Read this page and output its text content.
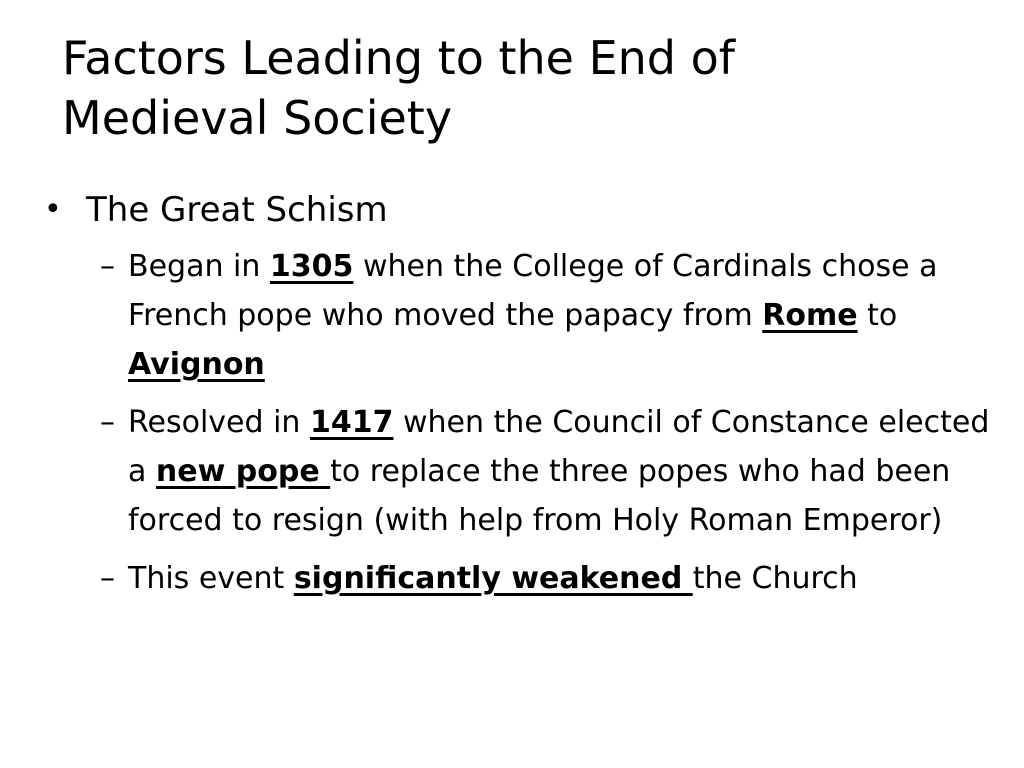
Factors Leading to the End of
Medieval Society
• The Great Schism
– Began in 1305 when the College of Cardinals chose a French pope who moved the papacy from Rome to Avignon
– Resolved in 1417 when the Council of Constance elected a new pope to replace the three popes who had been forced to resign (with help from Holy Roman Emperor)
– This event significantly weakened the Church
